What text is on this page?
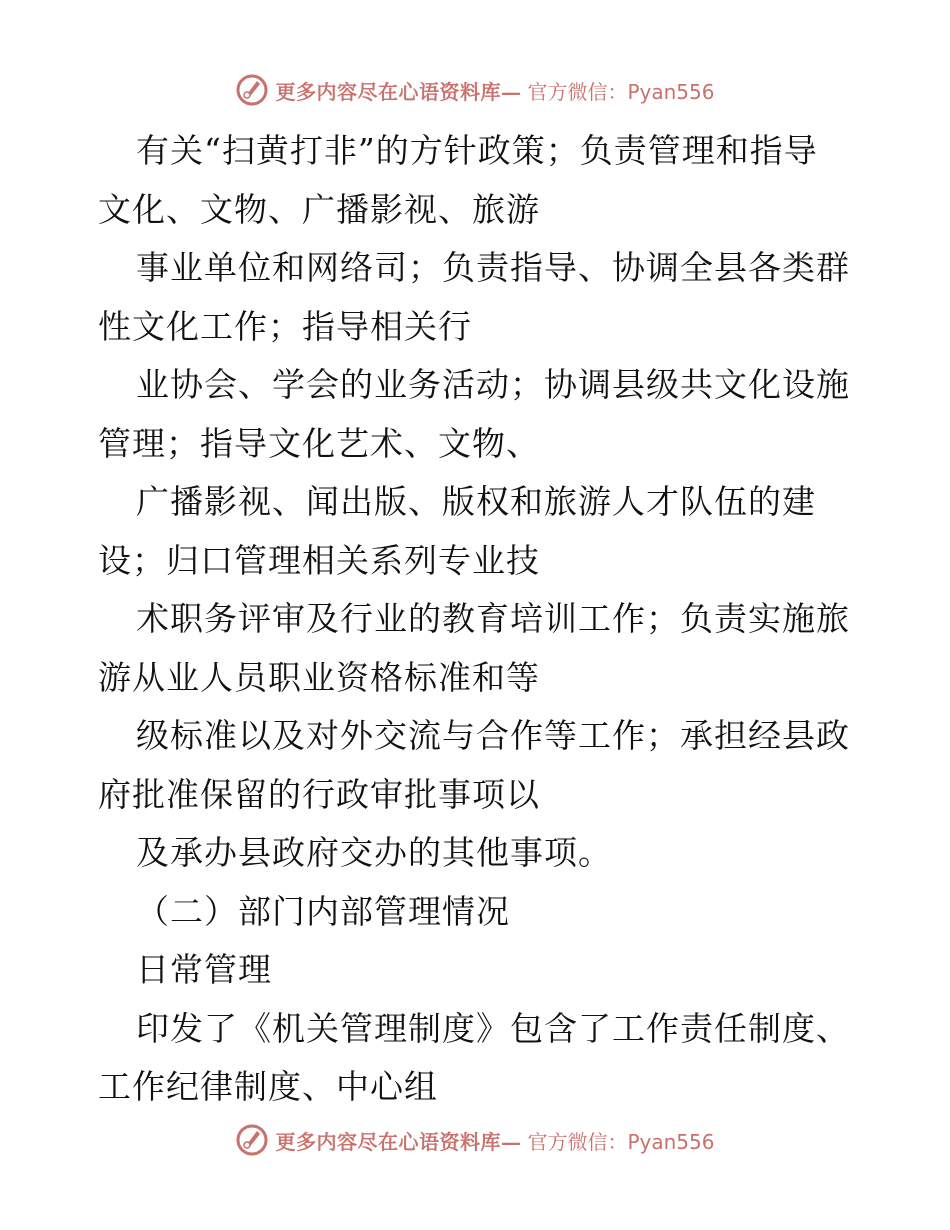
更多内容尽在心语资料库— 官方微信：Pyan556
有关“扫黄打非”的方针政策；负责管理和指导
文化、文物、广播影视、旅游
事业单位和网络司；负责指导、协调全县各类群
性文化工作；指导相关行
业协会、学会的业务活动；协调县级共文化设施
管理；指导文化艺术、文物、
广播影视、闻出版、版权和旅游人才队伍的建
设；归口管理相关系列专业技
术职务评审及行业的教育培训工作；负责实施旅
游从业人员职业资格标准和等
级标准以及对外交流与合作等工作；承担经县政
府批准保留的行政审批事项以
及承办县政府交办的其他事项。
（二）部门内部管理情况
日常管理
印发了《机关管理制度》包含了工作责任制度、
工作纪律制度、中心组
更多内容尽在心语资料库— 官方微信：Pyan556
